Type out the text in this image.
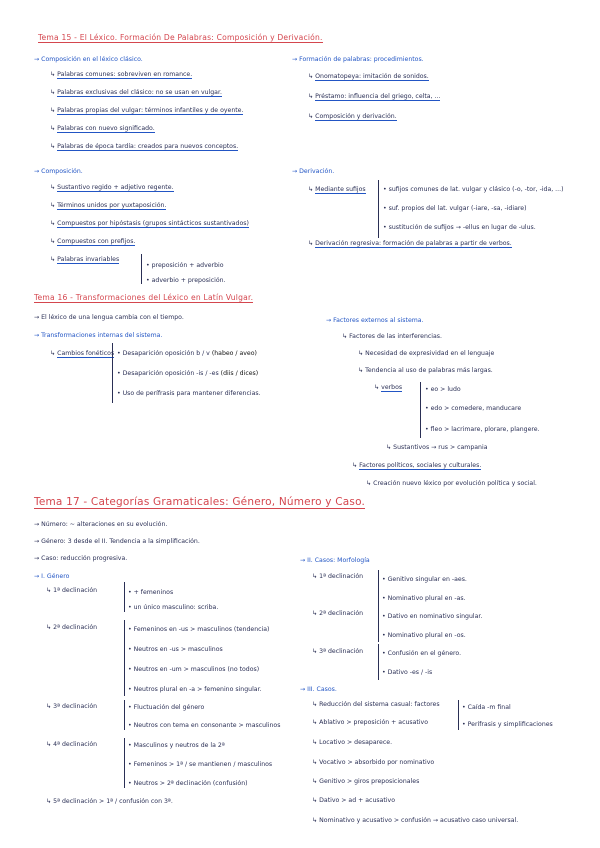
Tema 15 - El Léxico. Formación De Palabras: Composición y Derivación.
→ Composición en el léxico clásico.
↳ Palabras comunes: sobreviven en romance.
↳ Palabras exclusivas del clásico: no se usan en vulgar.
↳ Palabras propias del vulgar: términos infantiles y de oyente.
↳ Palabras con nuevo significado.
↳ Palabras de época tardía: creados para nuevos conceptos.
→ Formación de palabras: procedimientos.
↳ Onomatopeya: imitación de sonidos.
↳ Préstamo: influencia del griego, celta, ...
↳ Composición y derivación.
→ Composición.
↳ Sustantivo regido + adjetivo regente.
↳ Términos unidos por yuxtaposición.
↳ Compuestos por hipóstasis (grupos sintácticos sustantivados)
↳ Compuestos con prefijos.
↳ Palabras invariables
• preposición + adverbio
• adverbio + preposición.
→ Derivación.
↳ Mediante sufijos	• sufijos comunes de lat. vulgar y clásico (-o, -tor, -ida, ...)
• suf. propios del lat. vulgar (-iare, -sa, -idiare)
• sustitución de sufijos → -ellus en lugar de -ulus.
↳ Derivación regresiva: formación de palabras a partir de verbos.
Tema 16 - Transformaciones del Léxico en Latín Vulgar.
→ El léxico de una lengua cambia con el tiempo.
→ Transformaciones internas del sistema.
↳ Cambios fonéticos • Desaparición oposición b / v (habeo / aveo)
• Desaparición oposición -is / -es (diis / dices)
• Uso de perífrasis para mantener diferencias.
→ Factores externos al sistema.
↳ Factores de las interferencias.
↳ Necesidad de expresividad en el lenguaje
↳ Tendencia al uso de palabras más largas.
↳ verbos	• eo > ludo
• edo > comedere, manducare
• fleo > lacrimare, plorare, plangere.
↳ Sustantivos → rus > campania
↳ Factores políticos, sociales y culturales.
↳ Creación nuevo léxico por evolución política y social.
Tema 17 - Categorías Gramaticales: Género, Número y Caso.
→ Número: ~ alteraciones en su evolución.
→ Género: 3 desde el II. Tendencia a la simplificación.
→ Caso: reducción progresiva.
→ I. Género
↳ 1ª declinación	• + femeninos
• un único masculino: scriba.
↳ 2ª declinación	• Femeninos en -us > masculinos (tendencia)
• Neutros en -us > masculinos
• Neutros en -um > masculinos (no todos)
• Neutros plural en -a > femenino singular.
↳ 3ª declinación	• Fluctuación del género
• Neutros con tema en consonante > masculinos
↳ 4ª declinación	• Masculinos y neutros de la 2ª
• Femeninos > 1ª / se mantienen / masculinos
• Neutros > 2ª declinación (confusión)
↳ 5ª declinación > 1ª / confusión con 3ª.
→ II. Casos: Morfología
↳ 1ª declinación	• Genitivo singular en -aes.
• Nominativo plural en -as.
↳ 2ª declinación	• Dativo en nominativo singular.
• Nominativo plural en -os.
↳ 3ª declinación	• Confusión en el género.
• Dativo -es / -is
→ III. Casos.
↳ Reducción del sistema casual: factores	• Caída -m final
• Perífrasis y simplificaciones
↳ Ablativo > preposición + acusativo
↳ Locativo > desaparece.
↳ Vocativo > absorbido por nominativo
↳ Genitivo > giros preposicionales
↳ Dativo > ad + acusativo
↳ Nominativo y acusativo > confusión → acusativo caso universal.
